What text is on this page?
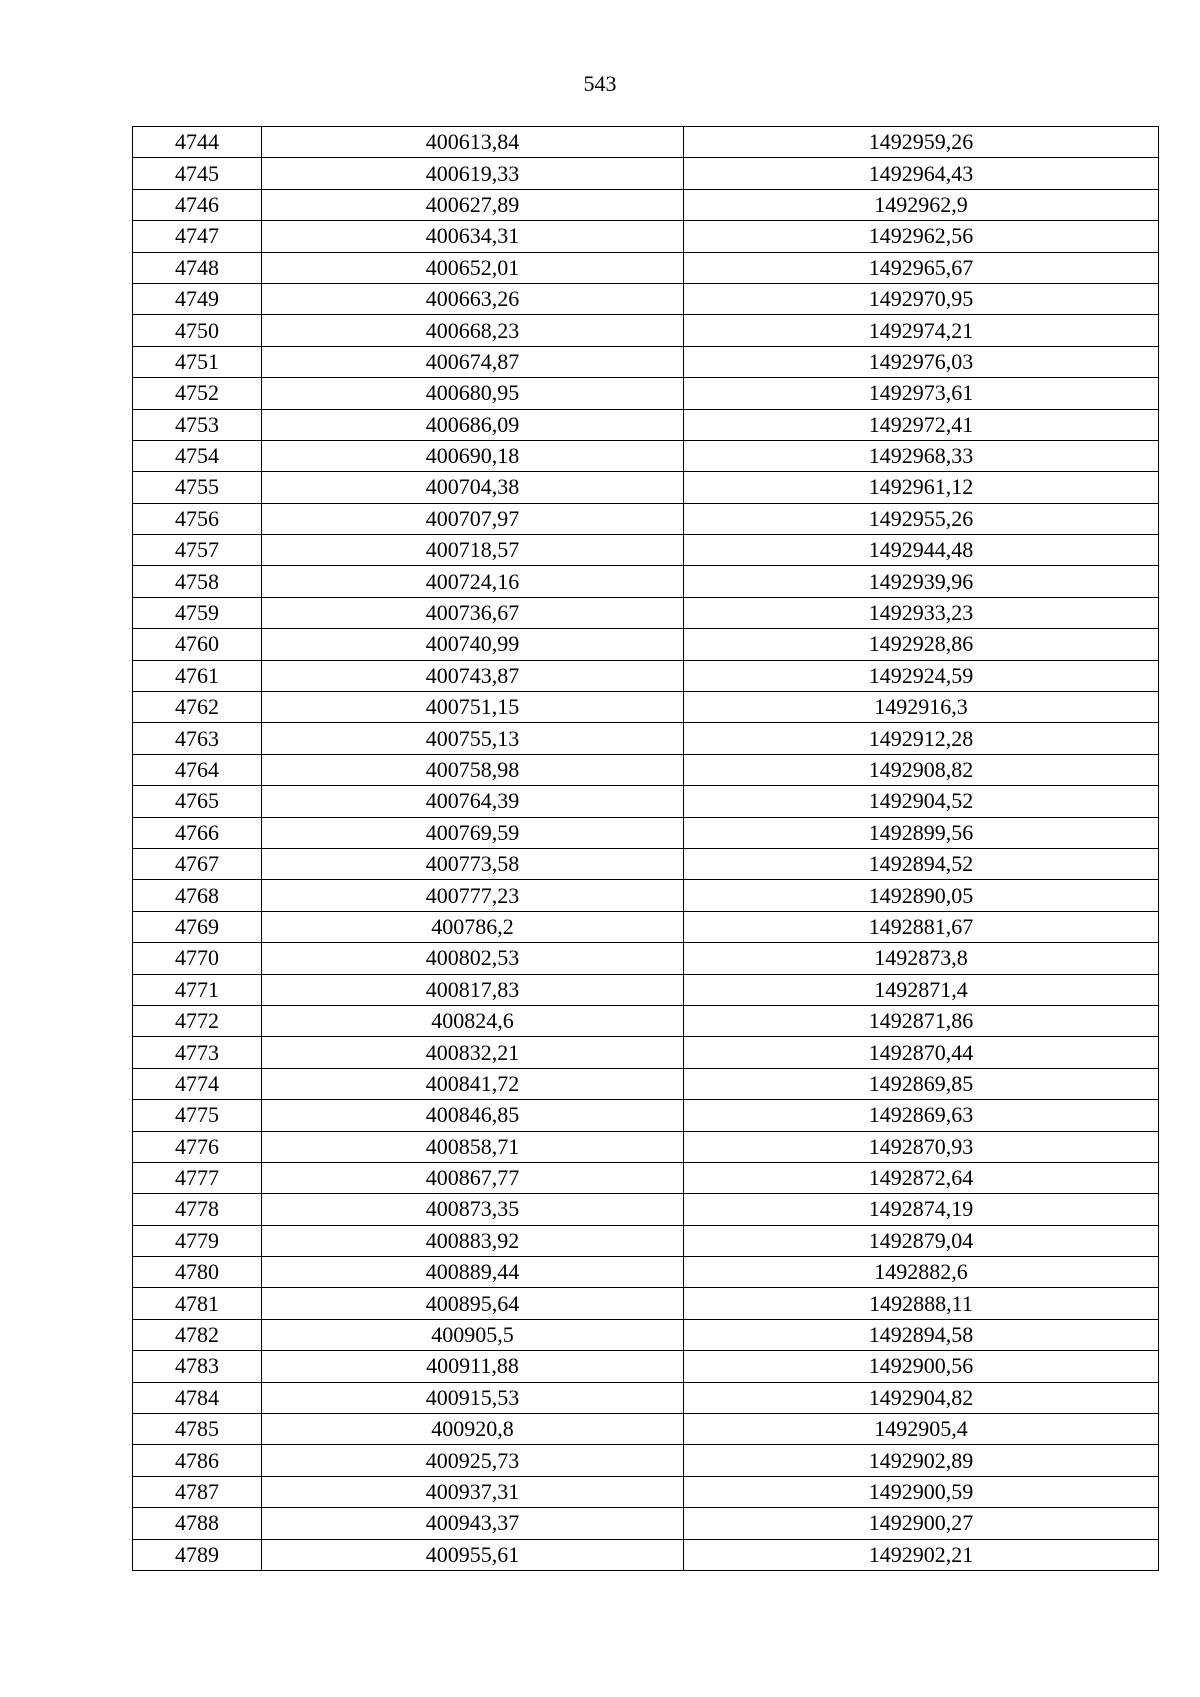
543
4744	400613,84	1492959,26
4745	400619,33	1492964,43
4746	400627,89	1492962,9
4747	400634,31	1492962,56
4748	400652,01	1492965,67
4749	400663,26	1492970,95
4750	400668,23	1492974,21
4751	400674,87	1492976,03
4752	400680,95	1492973,61
4753	400686,09	1492972,41
4754	400690,18	1492968,33
4755	400704,38	1492961,12
4756	400707,97	1492955,26
4757	400718,57	1492944,48
4758	400724,16	1492939,96
4759	400736,67	1492933,23
4760	400740,99	1492928,86
4761	400743,87	1492924,59
4762	400751,15	1492916,3
4763	400755,13	1492912,28
4764	400758,98	1492908,82
4765	400764,39	1492904,52
4766	400769,59	1492899,56
4767	400773,58	1492894,52
4768	400777,23	1492890,05
4769	400786,2	1492881,67
4770	400802,53	1492873,8
4771	400817,83	1492871,4
4772	400824,6	1492871,86
4773	400832,21	1492870,44
4774	400841,72	1492869,85
4775	400846,85	1492869,63
4776	400858,71	1492870,93
4777	400867,77	1492872,64
4778	400873,35	1492874,19
4779	400883,92	1492879,04
4780	400889,44	1492882,6
4781	400895,64	1492888,11
4782	400905,5	1492894,58
4783	400911,88	1492900,56
4784	400915,53	1492904,82
4785	400920,8	1492905,4
4786	400925,73	1492902,89
4787	400937,31	1492900,59
4788	400943,37	1492900,27
4789	400955,61	1492902,21
